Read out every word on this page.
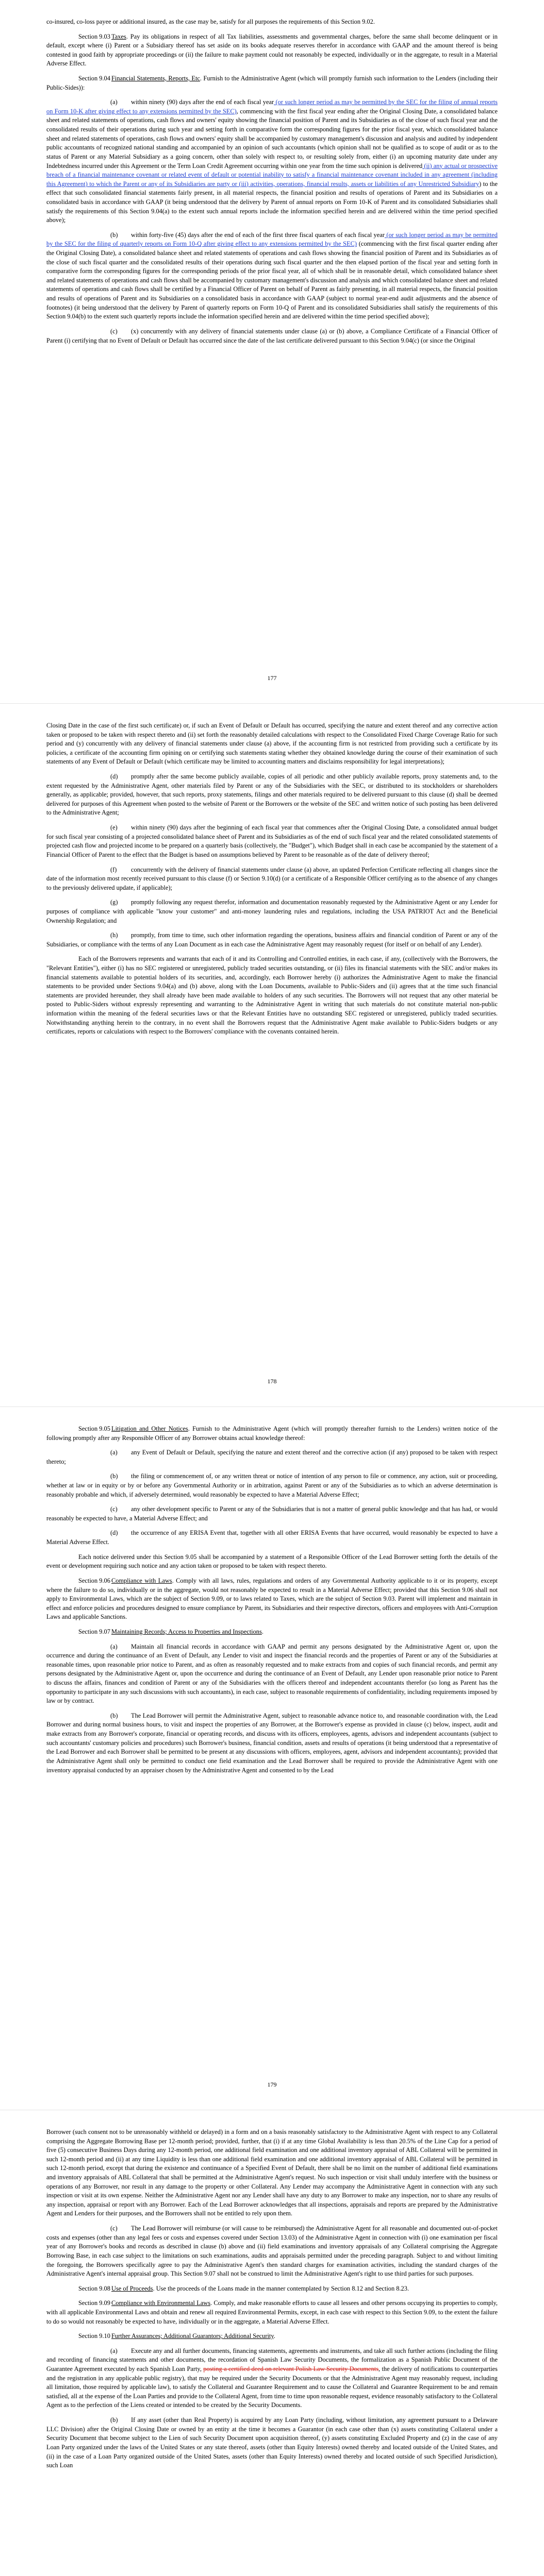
co-insured, co-loss payee or additional insured, as the case may be, satisfy for all purposes the requirements of this Section 9.02.

Section 9.03 Taxes. Pay its obligations in respect of all Tax liabilities, assessments and governmental charges, before the same shall become delinquent or in default, except where (i) Parent or a Subsidiary thereof has set aside on its books adequate reserves therefor in accordance with GAAP and the amount thereof is being contested in good faith by appropriate proceedings or (ii) the failure to make payment could not reasonably be expected, individually or in the aggregate, to result in a Material Adverse Effect.

Section 9.04 Financial Statements, Reports, Etc. Furnish to the Administrative Agent (which will promptly furnish such information to the Lenders (including their Public-Sides)):

(a) within ninety (90) days after the end of each fiscal year (or such longer period as may be permitted by the SEC for the filing of annual reports on Form 10-K after giving effect to any extensions permitted by the SEC), commencing with the first fiscal year ending after the Original Closing Date, a consolidated balance sheet and related statements of operations, cash flows and owners' equity showing the financial position of Parent and its Subsidiaries as of the close of such fiscal year and the consolidated results of their operations during such year and setting forth in comparative form the corresponding figures for the prior fiscal year, which consolidated balance sheet and related statements of operations, cash flows and owners' equity shall be accompanied by customary management's discussion and analysis and audited by independent public accountants of recognized national standing and accompanied by an opinion of such accountants (which opinion shall not be qualified as to scope of audit or as to the status of Parent or any Material Subsidiary as a going concern, other than solely with respect to, or resulting solely from, either (i) an upcoming maturity date under any Indebtedness incurred under this Agreement or the Term Loan Credit Agreement occurring within one year from the time such opinion is delivered (ii) any actual or prospective breach of a financial maintenance covenant or related event of default or potential inability to satisfy a financial maintenance covenant included in any agreement (including this Agreement) to which the Parent or any of its Subsidiaries are party or (iii) activities, operations, financial results, assets or liabilities of any Unrestricted Subsidiary) to the effect that such consolidated financial statements fairly present, in all material respects, the financial position and results of operations of Parent and its Subsidiaries on a consolidated basis in accordance with GAAP (it being understood that the delivery by Parent of annual reports on Form 10-K of Parent and its consolidated Subsidiaries shall satisfy the requirements of this Section 9.04(a) to the extent such annual reports include the information specified herein and are delivered within the time period specified above);

(b) within forty-five (45) days after the end of each of the first three fiscal quarters of each fiscal year (or such longer period as may be permitted by the SEC for the filing of quarterly reports on Form 10-Q after giving effect to any extensions permitted by the SEC) (commencing with the first fiscal quarter ending after the Original Closing Date), a consolidated balance sheet and related statements of operations and cash flows showing the financial position of Parent and its Subsidiaries as of the close of such fiscal quarter and the consolidated results of their operations during such fiscal quarter and the then elapsed portion of the fiscal year and setting forth in comparative form the corresponding figures for the corresponding periods of the prior fiscal year, all of which shall be in reasonable detail, which consolidated balance sheet and related statements of operations and cash flows shall be accompanied by customary management's discussion and analysis and which consolidated balance sheet and related statements of operations and cash flows shall be certified by a Financial Officer of Parent on behalf of Parent as fairly presenting, in all material respects, the financial position and results of operations of Parent and its Subsidiaries on a consolidated basis in accordance with GAAP (subject to normal year-end audit adjustments and the absence of footnotes) (it being understood that the delivery by Parent of quarterly reports on Form 10-Q of Parent and its consolidated Subsidiaries shall satisfy the requirements of this Section 9.04(b) to the extent such quarterly reports include the information specified herein and are delivered within the time period specified above);

(c) (x) concurrently with any delivery of financial statements under clause (a) or (b) above, a Compliance Certificate of a Financial Officer of Parent (i) certifying that no Event of Default or Default has occurred since the date of the last certificate delivered pursuant to this Section 9.04(c) (or since the Original

177

Closing Date in the case of the first such certificate) or, if such an Event of Default or Default has occurred, specifying the nature and extent thereof and any corrective action taken or proposed to be taken with respect thereto and (ii) set forth the reasonably detailed calculations with respect to the Consolidated Fixed Charge Coverage Ratio for such period and (y) concurrently with any delivery of financial statements under clause (a) above, if the accounting firm is not restricted from providing such a certificate by its policies, a certificate of the accounting firm opining on or certifying such statements stating whether they obtained knowledge during the course of their examination of such statements of any Event of Default or Default (which certificate may be limited to accounting matters and disclaims responsibility for legal interpretations);

(d) promptly after the same become publicly available, copies of all periodic and other publicly available reports, proxy statements and, to the extent requested by the Administrative Agent, other materials filed by Parent or any of the Subsidiaries with the SEC, or distributed to its stockholders or shareholders generally, as applicable; provided, however, that such reports, proxy statements, filings and other materials required to be delivered pursuant to this clause (d) shall be deemed delivered for purposes of this Agreement when posted to the website of Parent or the Borrowers or the website of the SEC and written notice of such posting has been delivered to the Administrative Agent;

(e) within ninety (90) days after the beginning of each fiscal year that commences after the Original Closing Date, a consolidated annual budget for such fiscal year consisting of a projected consolidated balance sheet of Parent and its Subsidiaries as of the end of such fiscal year and the related consolidated statements of projected cash flow and projected income to be prepared on a quarterly basis (collectively, the "Budget"), which Budget shall in each case be accompanied by the statement of a Financial Officer of Parent to the effect that the Budget is based on assumptions believed by Parent to be reasonable as of the date of delivery thereof;

(f) concurrently with the delivery of financial statements under clause (a) above, an updated Perfection Certificate reflecting all changes since the date of the information most recently received pursuant to this clause (f) or Section 9.10(d) (or a certificate of a Responsible Officer certifying as to the absence of any changes to the previously delivered update, if applicable);

(g) promptly following any request therefor, information and documentation reasonably requested by the Administrative Agent or any Lender for purposes of compliance with applicable "know your customer" and anti-money laundering rules and regulations, including the USA PATRIOT Act and the Beneficial Ownership Regulation; and

(h) promptly, from time to time, such other information regarding the operations, business affairs and financial condition of Parent or any of the Subsidiaries, or compliance with the terms of any Loan Document as in each case the Administrative Agent may reasonably request (for itself or on behalf of any Lender).

Each of the Borrowers represents and warrants that each of it and its Controlling and Controlled entities, in each case, if any, (collectively with the Borrowers, the "Relevant Entities"), either (i) has no SEC registered or unregistered, publicly traded securities outstanding, or (ii) files its financial statements with the SEC and/or makes its financial statements available to potential holders of its securities, and, accordingly, each Borrower hereby (i) authorizes the Administrative Agent to make the financial statements to be provided under Sections 9.04(a) and (b) above, along with the Loan Documents, available to Public-Siders and (ii) agrees that at the time such financial statements are provided hereunder, they shall already have been made available to holders of any such securities. The Borrowers will not request that any other material be posted to Public-Siders without expressly representing and warranting to the Administrative Agent in writing that such materials do not constitute material non-public information within the meaning of the federal securities laws or that the Relevant Entities have no outstanding SEC registered or unregistered, publicly traded securities. Notwithstanding anything herein to the contrary, in no event shall the Borrowers request that the Administrative Agent make available to Public-Siders budgets or any certificates, reports or calculations with respect to the Borrowers' compliance with the covenants contained herein.

178

Section 9.05 Litigation and Other Notices. Furnish to the Administrative Agent (which will promptly thereafter furnish to the Lenders) written notice of the following promptly after any Responsible Officer of any Borrower obtains actual knowledge thereof:

(a) any Event of Default or Default, specifying the nature and extent thereof and the corrective action (if any) proposed to be taken with respect thereto;

(b) the filing or commencement of, or any written threat or notice of intention of any person to file or commence, any action, suit or proceeding, whether at law or in equity or by or before any Governmental Authority or in arbitration, against Parent or any of the Subsidiaries as to which an adverse determination is reasonably probable and which, if adversely determined, would reasonably be expected to have a Material Adverse Effect;

(c) any other development specific to Parent or any of the Subsidiaries that is not a matter of general public knowledge and that has had, or would reasonably be expected to have, a Material Adverse Effect; and

(d) the occurrence of any ERISA Event that, together with all other ERISA Events that have occurred, would reasonably be expected to have a Material Adverse Effect.

Each notice delivered under this Section 9.05 shall be accompanied by a statement of a Responsible Officer of the Lead Borrower setting forth the details of the event or development requiring such notice and any action taken or proposed to be taken with respect thereto.

Section 9.06 Compliance with Laws. Comply with all laws, rules, regulations and orders of any Governmental Authority applicable to it or its property, except where the failure to do so, individually or in the aggregate, would not reasonably be expected to result in a Material Adverse Effect; provided that this Section 9.06 shall not apply to Environmental Laws, which are the subject of Section 9.09, or to laws related to Taxes, which are the subject of Section 9.03. Parent will implement and maintain in effect and enforce policies and procedures designed to ensure compliance by Parent, its Subsidiaries and their respective directors, officers and employees with Anti-Corruption Laws and applicable Sanctions.

Section 9.07 Maintaining Records; Access to Properties and Inspections.

(a) Maintain all financial records in accordance with GAAP and permit any persons designated by the Administrative Agent or, upon the occurrence and during the continuance of an Event of Default, any Lender to visit and inspect the financial records and the properties of Parent or any of the Subsidiaries at reasonable times, upon reasonable prior notice to Parent, and as often as reasonably requested and to make extracts from and copies of such financial records, and permit any persons designated by the Administrative Agent or, upon the occurrence and during the continuance of an Event of Default, any Lender upon reasonable prior notice to Parent to discuss the affairs, finances and condition of Parent or any of the Subsidiaries with the officers thereof and independent accountants therefor (so long as Parent has the opportunity to participate in any such discussions with such accountants), in each case, subject to reasonable requirements of confidentiality, including requirements imposed by law or by contract.

(b) The Lead Borrower will permit the Administrative Agent, subject to reasonable advance notice to, and reasonable coordination with, the Lead Borrower and during normal business hours, to visit and inspect the properties of any Borrower, at the Borrower's expense as provided in clause (c) below, inspect, audit and make extracts from any Borrower's corporate, financial or operating records, and discuss with its officers, employees, agents, advisors and independent accountants (subject to such accountants' customary policies and procedures) such Borrower's business, financial condition, assets and results of operations (it being understood that a representative of the Lead Borrower and each Borrower shall be permitted to be present at any discussions with officers, employees, agent, advisors and independent accountants); provided that the Administrative Agent shall only be permitted to conduct one field examination and the Lead Borrower shall be required to provide the Administrative Agent with one inventory appraisal conducted by an appraiser chosen by the Administrative Agent and consented to by the Lead

179

Borrower (such consent not to be unreasonably withheld or delayed) in a form and on a basis reasonably satisfactory to the Administrative Agent with respect to any Collateral comprising the Aggregate Borrowing Base per 12-month period; provided, further, that (i) if at any time Global Availability is less than 20.5% of the Line Cap for a period of five (5) consecutive Business Days during any 12-month period, one additional field examination and one additional inventory appraisal of ABL Collateral will be permitted in such 12-month period and (ii) at any time Liquidity is less than one additional field examination and one additional inventory appraisal of ABL Collateral will be permitted in such 12-month period, except that during the existence and continuance of a Specified Event of Default, there shall be no limit on the number of additional field examinations and inventory appraisals of ABL Collateral that shall be permitted at the Administrative Agent's request. No such inspection or visit shall unduly interfere with the business or operations of any Borrower, nor result in any damage to the property or other Collateral. Any Lender may accompany the Administrative Agent in connection with any such inspection or visit at its own expense. Neither the Administrative Agent nor any Lender shall have any duty to any Borrower to make any inspection, nor to share any results of any inspection, appraisal or report with any Borrower. Each of the Lead Borrower acknowledges that all inspections, appraisals and reports are prepared by the Administrative Agent and Lenders for their purposes, and the Borrowers shall not be entitled to rely upon them.

(c) The Lead Borrower will reimburse (or will cause to be reimbursed) the Administrative Agent for all reasonable and documented out-of-pocket costs and expenses (other than any legal fees or costs and expenses covered under Section 13.03) of the Administrative Agent in connection with (i) one examination per fiscal year of any Borrower's books and records as described in clause (b) above and (ii) field examinations and inventory appraisals of any Collateral comprising the Aggregate Borrowing Base, in each case subject to the limitations on such examinations, audits and appraisals permitted under the preceding paragraph. Subject to and without limiting the foregoing, the Borrowers specifically agree to pay the Administrative Agent's then standard charges for examination activities, including the standard charges of the Administrative Agent's internal appraisal group. This Section 9.07 shall not be construed to limit the Administrative Agent's right to use third parties for such purposes.

Section 9.08 Use of Proceeds. Use the proceeds of the Loans made in the manner contemplated by Section 8.12 and Section 8.23.

Section 9.09 Compliance with Environmental Laws. Comply, and make reasonable efforts to cause all lessees and other persons occupying its properties to comply, with all applicable Environmental Laws and obtain and renew all required Environmental Permits, except, in each case with respect to this Section 9.09, to the extent the failure to do so would not reasonably be expected to have, individually or in the aggregate, a Material Adverse Effect.

Section 9.10 Further Assurances; Additional Guarantors; Additional Security.

(a) Execute any and all further documents, financing statements, agreements and instruments, and take all such further actions (including the filing and recording of financing statements and other documents, the recordation of Spanish Law Security Documents, the formalization as a Spanish Public Document of the Guarantee Agreement executed by each Spanish Loan Party, posting a certified deed on relevant Polish Law Security Documents, the delivery of notifications to counterparties and the registration in any applicable public registry), that may be required under the Security Documents or that the Administrative Agent may reasonably request, including all limitation, those required by applicable law), to satisfy the Collateral and Guarantee Requirement and to cause the Collateral and Guarantee Requirement to be and remain satisfied, all at the expense of the Loan Parties and provide to the Collateral Agent, from time to time upon reasonable request, evidence reasonably satisfactory to the Collateral Agent as to the perfection of the Liens created or intended to be created by the Security Documents.

(b) If any asset (other than Real Property) is acquired by any Loan Party (including, without limitation, any agreement pursuant to a Delaware LLC Division) after the Original Closing Date or owned by an entity at the time it becomes a Guarantor (in each case other than (x) assets constituting Collateral under a Security Document that become subject to the Lien of such Security Document upon acquisition thereof, (y) assets constituting Excluded Property and (z) in the case of any Loan Party organized under the laws of the United States or any state thereof, assets (other than Equity Interests) owned thereby and located outside of the United States, and (ii) in the case of a Loan Party organized outside of the United States, assets (other than Equity Interests) owned thereby and located outside of such Specified Jurisdiction), such Loan
